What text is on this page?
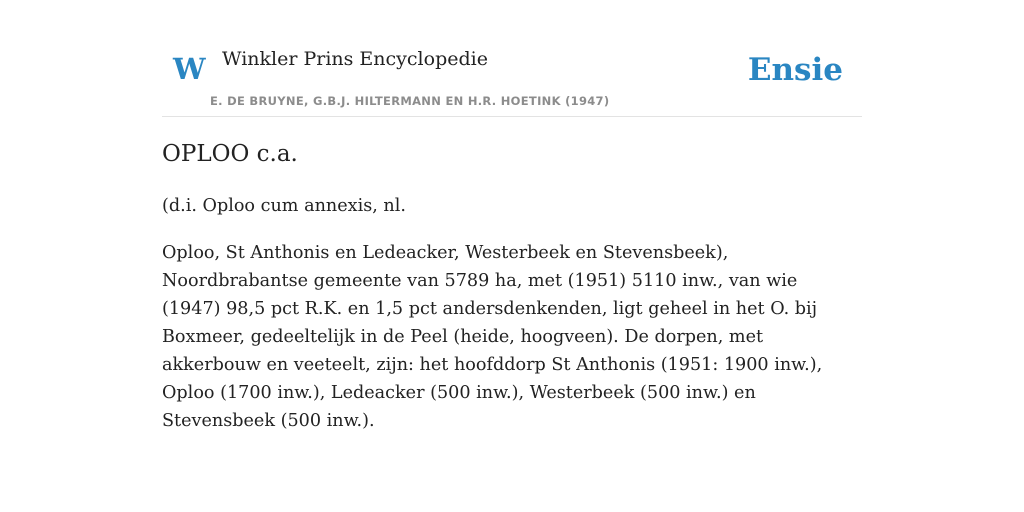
W Winkler Prins Encyclopedie
E. DE BRUYNE, G.B.J. HILTERMANN EN H.R. HOETINK (1947)
Ensie
OPLOO c.a.

(d.i. Oploo cum annexis, nl.

Oploo, St Anthonis en Ledeacker, Westerbeek en Stevensbeek), Noordbrabantse gemeente van 5789 ha, met (1951) 5110 inw., van wie (1947) 98,5 pct R.K. en 1,5 pct andersdenkenden, ligt geheel in het O. bij Boxmeer, gedeeltelijk in de Peel (heide, hoogveen). De dorpen, met akkerbouw en veeteelt, zijn: het hoofddorp St Anthonis (1951: 1900 inw.), Oploo (1700 inw.), Ledeacker (500 inw.), Westerbeek (500 inw.) en Stevensbeek (500 inw.).
